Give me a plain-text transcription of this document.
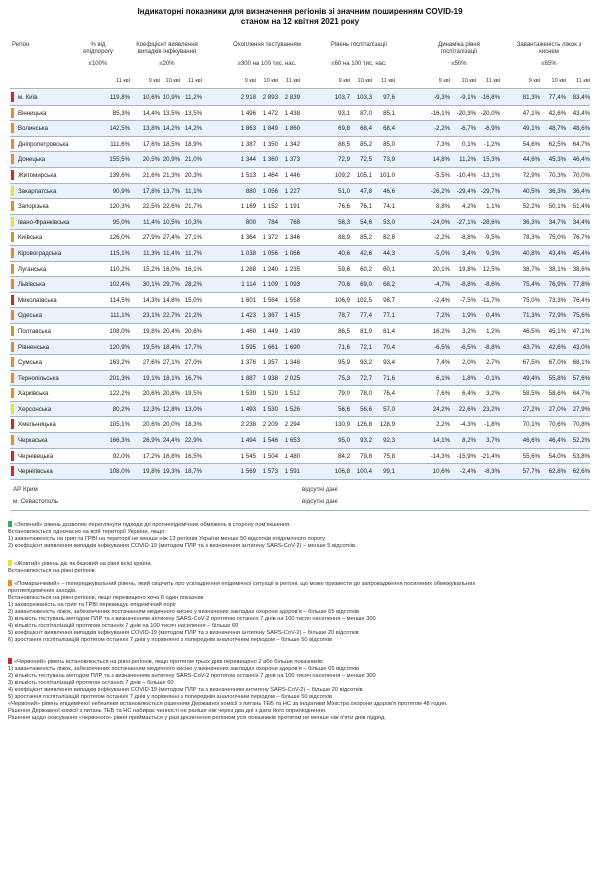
Індикаторні показники для визначення регіонів зі значним поширенням COVID-19
станом на 12 квітня 2021 року
Регіон	% від епідпорогу
Коефіцієнт виявлення випадків інфікування
Охоплення тестуванням	Рівень госпіталізації	Динаміка рівня госпіталізації
Завантаженість ліжок з киснем
≤100%	≤20%	≥300 на 100 тис. нас.	≤60 на 100 тис. нас.	≤50%	≤65%
11 кві	9 кві 10 кві	11 кві	9 кві	10 кві	11 кві	9 кві	10 кві	11 кві	9 кві	10 кві	11 кві	9 кві	10 кві	11 кві
м. Київ	119,8% 10,6% 10,9% 11,2%	2 918	2 893	2 839	103,7	103,3	97,6	-9,3%	-9,1% -16,8%	81,3%	77,4%	83,4%
Вінницька	85,3% 14,4% 13,5% 13,5%	1 496	1 472	1 438	93,1	87,0	85,1	-16,1%	-20,3% -20,0%	47,1%	42,6%	43,4%
Волинська	142,5% 13,8% 14,2% 14,2%	1 863	1 849	1 860	69,8	68,4	68,4	-2,2%	-6,7%	-6,9%	49,1%	48,7%	48,6%
Дніпропетровська	111,6% 17,6% 18,5% 18,9%	1 387	1 350	1 342	88,5	85,2	85,0	7,3%	0,1%	-1,2%	54,6%	62,5%	64,7%
Донецька	155,5% 20,5% 20,9% 21,0%	1 344	1 360	1 373	72,9	72,5	73,9	14,8%	11,2%	15,3%	44,6%	45,3%	46,4%
Житомирська	139,6% 21,6% 21,3% 20,3%	1 513	1 464	1 446	109,2	105,1	101,0	-5,5%	-10,4% -13,1%	72,9%	70,3%	70,0%
Закарпатська	90,9% 17,8% 13,7% 11,1%	880	1 056	1 227	51,0	47,8	46,6	-26,2%	-29,4% -29,7%	40,5%	36,3%	36,4%
Запорізька	120,3% 22,5% 22,6% 21,7%	1 169	1 152	1 191	76,6	76,1	74,1	8,8%	4,2%	1,1%	52,2%	50,1%	51,4%
Івано-Франківська	95,0% 11,4% 10,5% 10,3%	800	784	768	58,3	54,6	53,0	-24,0%	-27,1% -28,6%	36,3%	34,7%	34,4%
Київська	126,0% 27,9% 27,4% 27,1%	1 364	1 372	1 346	88,9	85,2	82,8	-2,2%	-8,8%	-9,5%	78,3%	75,0%	76,7%
Кіровоградська	115,1% 11,3% 11,4% 11,7%	1 038	1 056	1 066	40,6	42,6	44,3	-5,0%	3,4%	9,3%	40,8%	43,4%	45,4%
Луганська	110,2% 15,2% 16,0% 16,1%	1 288	1 240	1 235	59,6	60,2	60,1	20,1%	19,8%	12,5%	38,7%	38,1%	38,6%
Львівська	102,4% 30,1% 29,7% 28,2%	1 114	1 109	1 093	70,6	69,0	68,2	-4,7%	-8,8%	-8,6%	75,4%	76,9%	77,8%
Миколаївська	114,5% 14,3% 14,8% 15,0%	1 601	1 564	1 558	106,9	102,5	98,7	-2,4%	-7,5% -11,7%	75,0%	73,3%	76,4%
Одеська	111,1% 23,1% 22,7% 21,2%	1 423	1 367	1 415	78,7	77,4	77,1	7,2%	1,9%	0,4%	71,3%	72,9%	75,6%
Полтавська	108,0% 19,8% 20,4% 20,6%	1 460	1 449	1 439	86,5	81,9	81,4	16,2%	3,2%	1,2%	46,5%	45,1%	47,1%
Рівненська	120,9% 19,5% 18,4% 17,7%	1 595	1 661	1 690	71,6	72,1	70,4	-6,5%	-6,5%	-8,8%	43,7%	42,6%	43,0%
Сумська	163,2% 27,6% 27,1% 27,0%	1 376	1 357	1 348	95,9	93,2	93,4	7,4%	2,0%	2,7%	67,5%	67,0%	68,1%
Тернопільська	201,3% 19,1% 18,1% 16,7%	1 887	1 938	2 025	75,3	72,7	71,6	6,1%	1,8%	-0,1%	49,4%	55,8%	57,6%
Харківська	122,2% 20,6% 20,8% 19,5%	1 539	1 520	1 512	79,0	78,0	76,4	7,6%	6,4%	3,2%	58,5%	58,6%	64,7%
Херсонська	80,2% 12,3% 12,8% 13,0%	1 493	1 530	1 526	56,6	56,6	57,0	24,2%	22,6%	23,2%	27,2%	27,0%	27,9%
Хмельницька	105,1% 20,6% 20,0% 18,3%	2 238	2 209	2 294	130,9	126,8	128,9	2,2%	-4,3%	-1,8%	70,1%	70,6%	70,8%
Черкаська	166,3% 26,9% 24,4% 22,9%	1 494	1 546	1 653	95,0	93,2	92,3	14,1%	8,2%	3,7%	46,6%	46,4%	52,2%
Чернівецька	92,0% 17,2% 16,8% 16,5%	1 545	1 504	1 480	84,2	79,8	75,8	-14,3%	-15,9% -21,4%	55,6%	54,0%	53,8%
Чернігівська	108,0% 19,8% 19,3% 18,7%	1 569	1 573	1 591	106,8	100,4	99,1	10,6%	-2,4%	-8,3%	57,7%	62,8%	62,6%
АР Крим	відсутні дані
м. Севастополь	відсутні дані
«Зелений» рівень дозволяє переглянути підходи до протиепідемічних обмежень в сторону пом'якшення.
Встановлюється одночасно на всій території України, якщо:
1) завантаженість на грип та ГРВІ на території не менше ніж 13 регіонів України менше 50 відсотків епідемічного порогу
2) коефіцієнт виявлення випадків інфікування COVID-19 (методом ПЛР та з визначення антигену SARS-CoV-2) – менше 5 відсотків.
«Жовтий» рівень діє як базовий на рівні всієї країни.
Встановлюється на рівні регіонів.
«Помаранчевий» – попереджувальний рівень, який свідчить про ускладнення епідемічної ситуації в регіоні, що може призвести до запровадження посилених обмежувальних
протиепідемічних заходів.
Встановлюється на рівні регіонів, якщо перевищено хоча б один показник:
1) захворюваність на грип та ГРВІ перевищує епідемічний поріг
2) завантаженість ліжок, забезпечених постачанням медичного кисню у визначених закладах охорони здоров'я – більше 65 відсотків
3) кількість тестувань методом ПЛР та з визначенням антигену SARS-CoV-2 протягом останніх 7 днів на 100 тисяч населення – менше 300
4) кількість госпіталізацій протягом останніх 7 днів на 100 тисяч населення – більше 60
5) коефіцієнт виявлення випадків інфікування COVID-19 (методом ПЛР та з визначення антигену SARS-CoV-2) – більше 20 відсотків
6) зростання госпіталізацій протягом останніх 7 днів у порівнянні з попереднім аналогічним періодом – більше 50 відсотків
«Червоний» рівень встановлюється на рівні регіонів, якщо протягом трьох днів перевищено 2 або більше показників:
1) завантаженість ліжок, забезпечених постачанням медичного кисню у визначених закладах охорони здоров'я – більше 65 відсотків
2) кількість тестувань методом ПЛР та з визначенням антигену SARS-CoV-2 протягом останніх 7 днів на 100 тисяч населення – менше 300
3) кількість госпіталізацій протягом останніх 7 днів – більше 60
4) коефіцієнт виявлення випадків інфікування COVID-19 (методом ПЛР та з визначенням антигену SARS-CoV-2) – більше 20 відсотків
5) зростання госпіталізацій протягом останніх 7 днів у порівнянні з попереднім аналогічним періодом – більше 50 відсотків
«Червоний» рівень епідемічної небезпеки встановлюється рішенням Державної комісії з питань ТЕБ та НС за ініціативи Міністра охорони здоров'я протягом 48 годин.
Рішення Державної комісії з питань ТЕБ та НС набирає чинності не раніше ніж через два дні з дати його оприлюднення.
Рішення щодо скасування «червоного» рівня приймається у разі досягнення регіоном усіх показників протягом не менше ніж п'яти днів підряд.
